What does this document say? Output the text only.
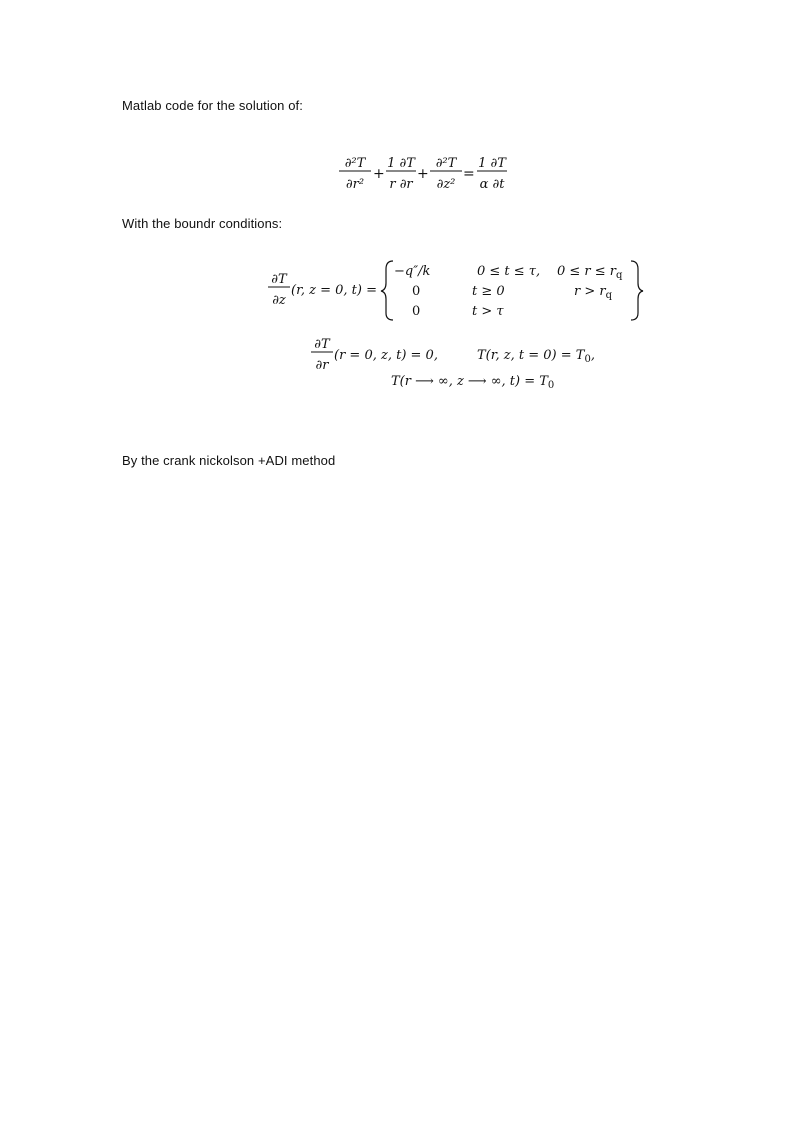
Matlab code for the solution of:
∂²T
∂r²
+
1 ∂T
r ∂r
+
∂²T
∂z²
=
1 ∂T
α ∂t
With the boundr conditions:
∂T
∂z
(r, z = 0, t) =
−q″/k	0 ≤ t ≤ τ, $0 \le r \le r_q$
0	t ≥ 0	$r > r_q$
0	t > τ
∂T
∂r
(r = 0, z, t) = 0,	T(r, z, $t = 0) = T_0$,
T(r ⟶ ∞, z ⟶ ∞, $t) = T_0$
By the crank nickolson +ADI method
